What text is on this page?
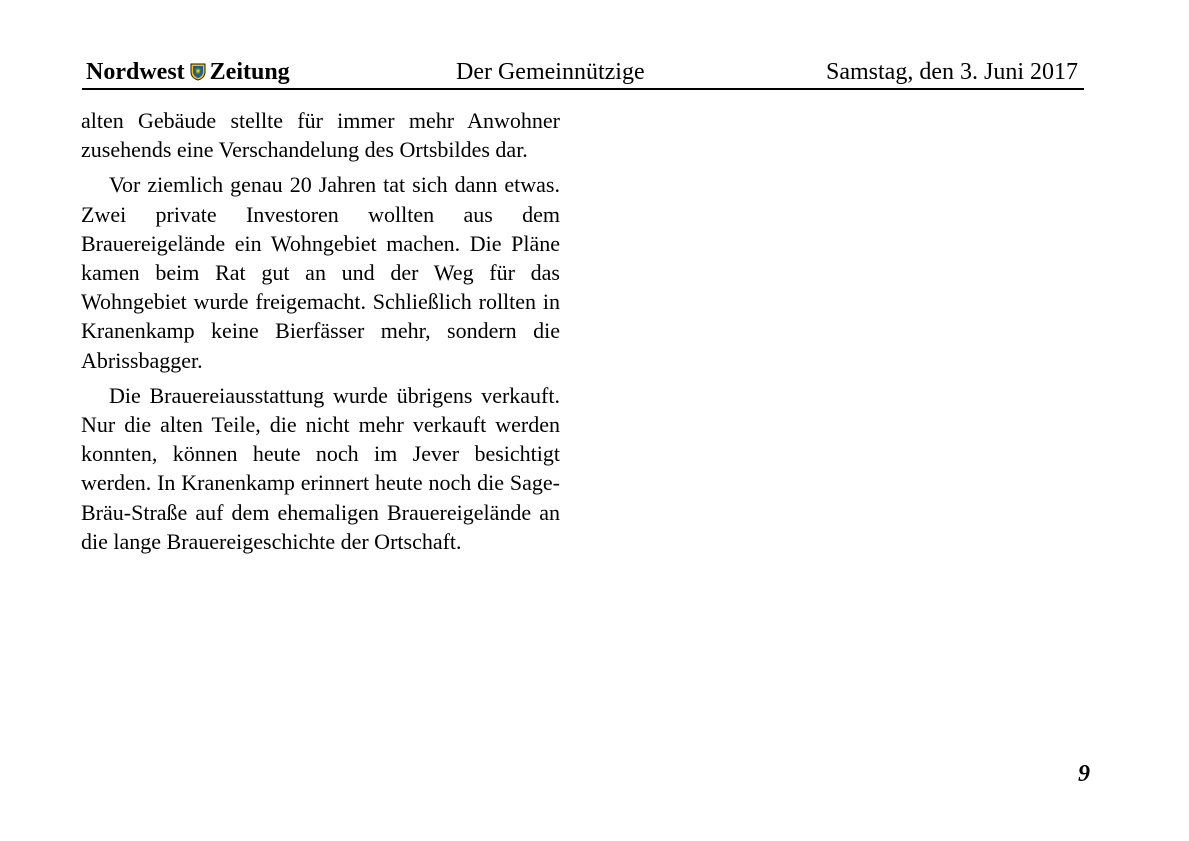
Nordwest Zeitung	Der Gemeinnützige	Samstag, den 3. Juni 2017

alten Gebäude stellte für immer mehr Anwohner zusehends eine Verschandelung des Ortsbildes dar.

Vor ziemlich genau 20 Jahren tat sich dann etwas. Zwei private Investoren wollten aus dem Brauereigelände ein Wohngebiet machen. Die Pläne kamen beim Rat gut an und der Weg für das Wohngebiet wurde freigemacht. Schließlich rollten in Kranenkamp keine Bierfässer mehr, sondern die Abrissbagger.

Die Brauereiausstattung wurde übrigens verkauft. Nur die alten Teile, die nicht mehr verkauft werden konnten, können heute noch im Jever besichtigt werden. In Kranenkamp erinnert heute noch die Sage-Bräu-Straße auf dem ehemaligen Brauereigelände an die lange Brauereigeschichte der Ortschaft.

9
